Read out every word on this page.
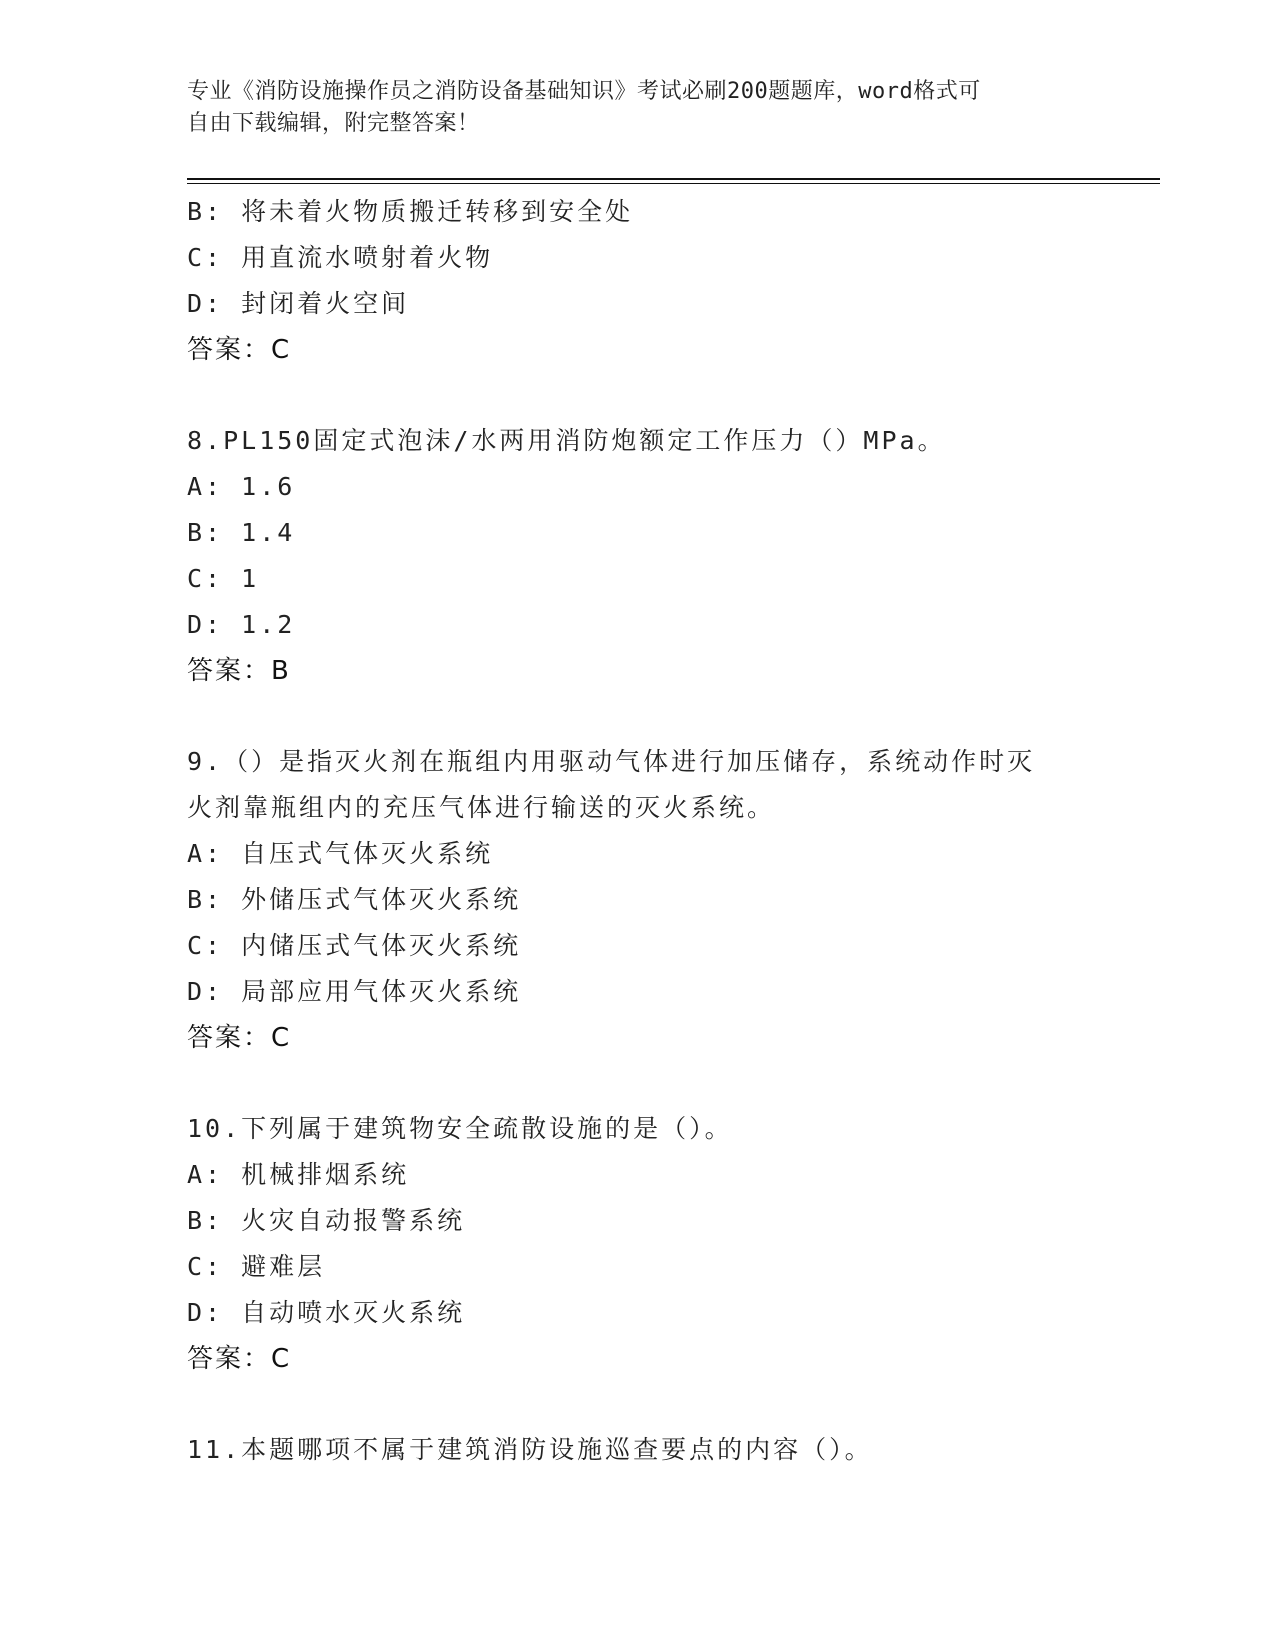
专业《消防设施操作员之消防设备基础知识》考试必刷200题题库，word格式可
自由下载编辑，附完整答案！
B: 将未着火物质搬迁转移到安全处
C: 用直流水喷射着火物
D: 封闭着火空间
答案：C
8.PL150固定式泡沫/水两用消防炮额定工作压力（）MPa。
A: 1.6
B: 1.4
C: 1
D: 1.2
答案：B
9.（）是指灭火剂在瓶组内用驱动气体进行加压储存，系统动作时灭
火剂靠瓶组内的充压气体进行输送的灭火系统。
A: 自压式气体灭火系统
B: 外储压式气体灭火系统
C: 内储压式气体灭火系统
D: 局部应用气体灭火系统
答案：C
10.下列属于建筑物安全疏散设施的是（）。
A: 机械排烟系统
B: 火灾自动报警系统
C: 避难层
D: 自动喷水灭火系统
答案：C
11.本题哪项不属于建筑消防设施巡查要点的内容（）。
